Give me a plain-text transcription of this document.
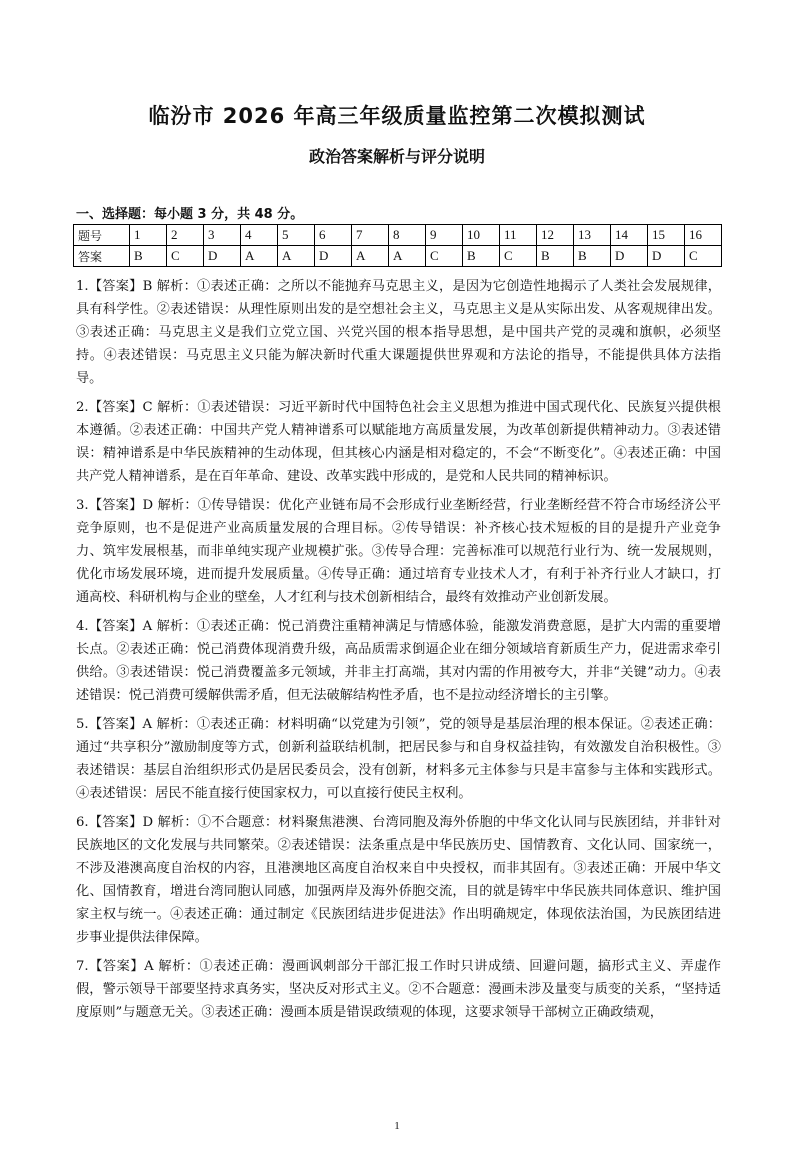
临汾市 2026 年高三年级质量监控第二次模拟测试
政治答案解析与评分说明

一、选择题：每小题 3 分，共 48 分。

题号	1	2	3	4	5	6	7	8	9	10	11	12	13	14	15	16
答案	B	C	D	A	A	D	A	A	C	B	C	B	B	D	D	C

1.【答案】B 解析：①表述正确：之所以不能抛弃马克思主义，是因为它创造性地揭示了人类社会发展规律，具有科学性。②表述错误：从理性原则出发的是空想社会主义，马克思主义是从实际出发、从客观规律出发。③表述正确：马克思主义是我们立党立国、兴党兴国的根本指导思想，是中国共产党的灵魂和旗帜，必须坚持。④表述错误：马克思主义只能为解决新时代重大课题提供世界观和方法论的指导，不能提供具体方法指导。

2.【答案】C 解析：①表述错误：习近平新时代中国特色社会主义思想为推进中国式现代化、民族复兴提供根本遵循。②表述正确：中国共产党人精神谱系可以赋能地方高质量发展，为改革创新提供精神动力。③表述错误：精神谱系是中华民族精神的生动体现，但其核心内涵是相对稳定的，不会“不断变化”。④表述正确：中国共产党人精神谱系，是在百年革命、建设、改革实践中形成的，是党和人民共同的精神标识。

3.【答案】D 解析：①传导错误：优化产业链布局不会形成行业垄断经营，行业垄断经营不符合市场经济公平竞争原则，也不是促进产业高质量发展的合理目标。②传导错误：补齐核心技术短板的目的是提升产业竞争力、筑牢发展根基，而非单纯实现产业规模扩张。③传导合理：完善标准可以规范行业行为、统一发展规则，优化市场发展环境，进而提升发展质量。④传导正确：通过培育专业技术人才，有利于补齐行业人才缺口，打通高校、科研机构与企业的壁垒，人才红利与技术创新相结合，最终有效推动产业创新发展。

4.【答案】A 解析：①表述正确：悦己消费注重精神满足与情感体验，能激发消费意愿，是扩大内需的重要增长点。②表述正确：悦己消费体现消费升级，高品质需求倒逼企业在细分领域培育新质生产力，促进需求牵引供给。③表述错误：悦己消费覆盖多元领域，并非主打高端，其对内需的作用被夸大，并非“关键”动力。④表述错误：悦己消费可缓解供需矛盾，但无法破解结构性矛盾，也不是拉动经济增长的主引擎。

5.【答案】A 解析：①表述正确：材料明确“以党建为引领”，党的领导是基层治理的根本保证。②表述正确：通过“共享积分”激励制度等方式，创新利益联结机制，把居民参与和自身权益挂钩，有效激发自治积极性。③表述错误：基层自治组织形式仍是居民委员会，没有创新，材料多元主体参与只是丰富参与主体和实践形式。④表述错误：居民不能直接行使国家权力，可以直接行使民主权利。

6.【答案】D 解析：①不合题意：材料聚焦港澳、台湾同胞及海外侨胞的中华文化认同与民族团结，并非针对民族地区的文化发展与共同繁荣。②表述错误：法条重点是中华民族历史、国情教育、文化认同、国家统一，不涉及港澳高度自治权的内容，且港澳地区高度自治权来自中央授权，而非其固有。③表述正确：开展中华文化、国情教育，增进台湾同胞认同感，加强两岸及海外侨胞交流，目的就是铸牢中华民族共同体意识、维护国家主权与统一。④表述正确：通过制定《民族团结进步促进法》作出明确规定，体现依法治国，为民族团结进步事业提供法律保障。

7.【答案】A 解析：①表述正确：漫画讽刺部分干部汇报工作时只讲成绩、回避问题，搞形式主义、弄虚作假，警示领导干部要坚持求真务实，坚决反对形式主义。②不合题意：漫画未涉及量变与质变的关系，“坚持适度原则”与题意无关。③表述正确：漫画本质是错误政绩观的体现，这要求领导干部树立正确政绩观，

1
